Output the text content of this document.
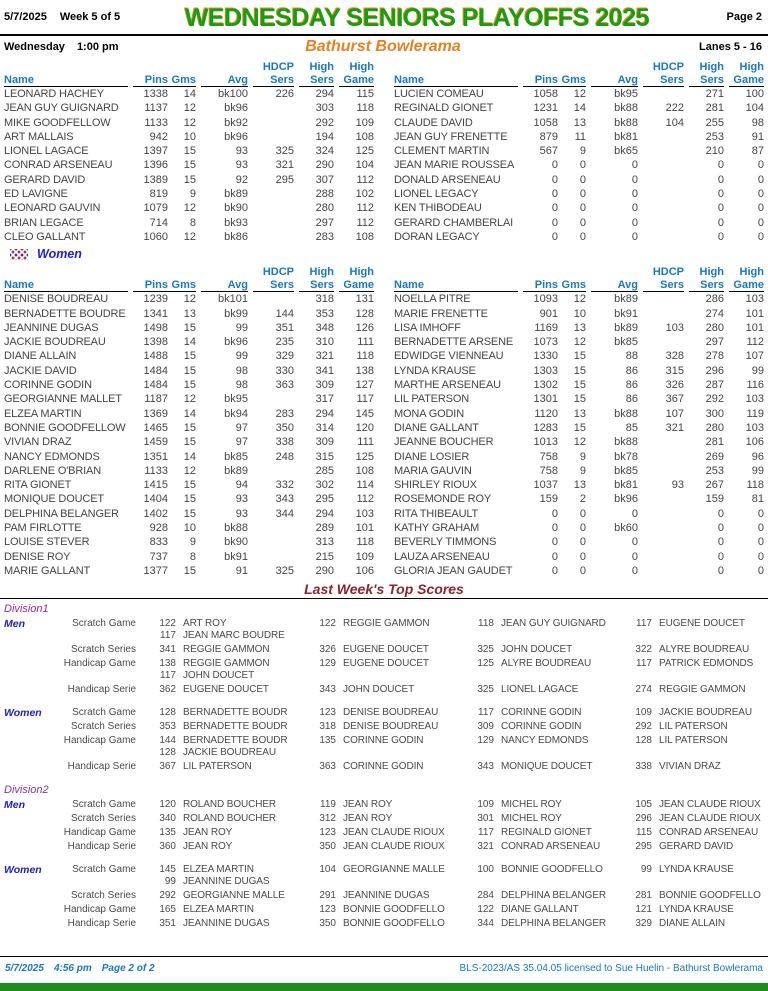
5/7/2025 Week 5 of 5	WEDNESDAY SENIORS PLAYOFFS 2025	Page 2
Wednesday 1:00 pm	Bathurst Bowlerama	Lanes 5 - 16
				HDCP	High	High
Name	Pins Gms		Avg	Sers	Sers	Game
LEONARD HACHEY	1338	14	bk100	226	294	115
JEAN GUY GUIGNARD	1137	12	bk96		303	118
MIKE GOODFELLOW	1133	12	bk92		292	109
ART MALLAIS	942	10	bk96		194	108
LIONEL LAGACE	1397	15	93	325	324	125
CONRAD ARSENEAU	1396	15	93	321	290	104
GERARD DAVID	1389	15	92	295	307	112
ED LAVIGNE	819	9	bk89		288	102
LEONARD GAUVIN	1079	12	bk90		280	112
BRIAN LEGACE	714	8	bk93		297	112
CLEO GALLANT	1060	12	bk86		283	108
				HDCP	High	High
Name	Pins Gms		Avg	Sers	Sers	Game
LUCIEN COMEAU	1058	12	bk95		271	100
REGINALD GIONET	1231	14	bk88	222	281	104
CLAUDE DAVID	1058	13	bk88	104	255	98
JEAN GUY FRENETTE	879	11	bk81		253	91
CLEMENT MARTIN	567	9	bk65		210	87
JEAN MARIE ROUSSEA	0	0	0		0	0
DONALD ARSENEAU	0	0	0		0	0
LIONEL LEGACY	0	0	0		0	0
KEN THIBODEAU	0	0	0		0	0
GERARD CHAMBERLAI	0	0	0		0	0
DORAN LEGACY	0	0	0		0	0
Women
				HDCP	High	High
Name	Pins Gms		Avg	Sers	Sers	Game
DENISE BOUDREAU	1239	12	bk101		318	131
BERNADETTE BOUDRE	1341	13	bk99	144	353	128
JEANNINE DUGAS	1498	15	99	351	348	126
JACKIE BOUDREAU	1398	14	bk96	235	310	111
DIANE ALLAIN	1488	15	99	329	321	118
JACKIE DAVID	1484	15	98	330	341	138
CORINNE GODIN	1484	15	98	363	309	127
GEORGIANNE MALLET	1187	12	bk95		317	117
ELZEA MARTIN	1369	14	bk94	283	294	145
BONNIE GOODFELLOW	1465	15	97	350	314	120
VIVIAN DRAZ	1459	15	97	338	309	111
NANCY EDMONDS	1351	14	bk85	248	315	125
DARLENE O'BRIAN	1133	12	bk89		285	108
RITA GIONET	1415	15	94	332	302	114
MONIQUE DOUCET	1404	15	93	343	295	112
DELPHINA BELANGER	1402	15	93	344	294	103
PAM FIRLOTTE	928	10	bk88		289	101
LOUISE STEVER	833	9	bk90		313	118
DENISE ROY	737	8	bk91		215	109
MARIE GALLANT	1377	15	91	325	290	106
				HDCP	High	High
Name	Pins Gms		Avg	Sers	Sers	Game
NOELLA PITRE	1093	12	bk89		286	103
MARIE FRENETTE	901	10	bk91		274	101
LISA IMHOFF	1169	13	bk89	103	280	101
BERNADETTE ARSENE	1073	12	bk85		297	112
EDWIDGE VIENNEAU	1330	15	88	328	278	107
LYNDA KRAUSE	1303	15	86	315	296	99
MARTHE ARSENEAU	1302	15	86	326	287	116
LIL PATERSON	1301	15	86	367	292	103
MONA GODIN	1120	13	bk88	107	300	119
DIANE GALLANT	1283	15	85	321	280	103
JEANNE BOUCHER	1013	12	bk88		281	106
DIANE LOSIER	758	9	bk78		269	96
MARIA GAUVIN	758	9	bk85		253	99
SHIRLEY RIOUX	1037	13	bk81	93	267	118
ROSEMONDE ROY	159	2	bk96		159	81
RITA THIBEAULT	0	0	0		0	0
KATHY GRAHAM	0	0	bk60		0	0
BEVERLY TIMMONS	0	0	0		0	0
LAUZA ARSENEAU	0	0	0		0	0
GLORIA JEAN GAUDET	0	0	0		0	0
Last Week's Top Scores
Division1
Men	Scratch Game	122 ART ROY	122 REGGIE GAMMON	118 JEAN GUY GUIGNARD	117 EUGENE DOUCET
117 JEAN MARC BOUDRE
Scratch Series	341 REGGIE GAMMON	326 EUGENE DOUCET	325 JOHN DOUCET	322 ALYRE BOUDREAU
Handicap Game	138 REGGIE GAMMON	129 EUGENE DOUCET	125 ALYRE BOUDREAU	117 PATRICK EDMONDS
117 JOHN DOUCET
Handicap Serie	362 EUGENE DOUCET	343 JOHN DOUCET	325 LIONEL LAGACE	274 REGGIE GAMMON
Women	Scratch Game	128 BERNADETTE BOUDR	123 DENISE BOUDREAU	117 CORINNE GODIN	109 JACKIE BOUDREAU
Scratch Series	353 BERNADETTE BOUDR	318 DENISE BOUDREAU	309 CORINNE GODIN	292 LIL PATERSON
Handicap Game	144 BERNADETTE BOUDR	135 CORINNE GODIN	129 NANCY EDMONDS	128 LIL PATERSON
128 JACKIE BOUDREAU
Handicap Serie	367 LIL PATERSON	363 CORINNE GODIN	343 MONIQUE DOUCET	338 VIVIAN DRAZ
Division2
Men	Scratch Game	120 ROLAND BOUCHER	119 JEAN ROY	109 MICHEL ROY	105 JEAN CLAUDE RIOUX
Scratch Series	340 ROLAND BOUCHER	312 JEAN ROY	301 MICHEL ROY	296 JEAN CLAUDE RIOUX
Handicap Game	135 JEAN ROY	123 JEAN CLAUDE RIOUX	117 REGINALD GIONET	115 CONRAD ARSENEAU
Handicap Serie	360 JEAN ROY	350 JEAN CLAUDE RIOUX	321 CONRAD ARSENEAU	295 GERARD DAVID
Women	Scratch Game	145 ELZEA MARTIN	104 GEORGIANNE MALLE	100 BONNIE GOODFELLO	99 LYNDA KRAUSE
99 JEANNINE DUGAS
Scratch Series	292 GEORGIANNE MALLE	291 JEANNINE DUGAS	284 DELPHINA BELANGER	281 BONNIE GOODFELLO
Handicap Game	165 ELZEA MARTIN	123 BONNIE GOODFELLO	122 DIANE GALLANT	121 LYNDA KRAUSE
Handicap Serie	351 JEANNINE DUGAS	350 BONNIE GOODFELLO	344 DELPHINA BELANGER	329 DIANE ALLAIN
5/7/2025 4:56 pm Page 2 of 2	BLS-2023/AS 35.04.05 licensed to Sue Huelin - Bathurst Bowlerama
